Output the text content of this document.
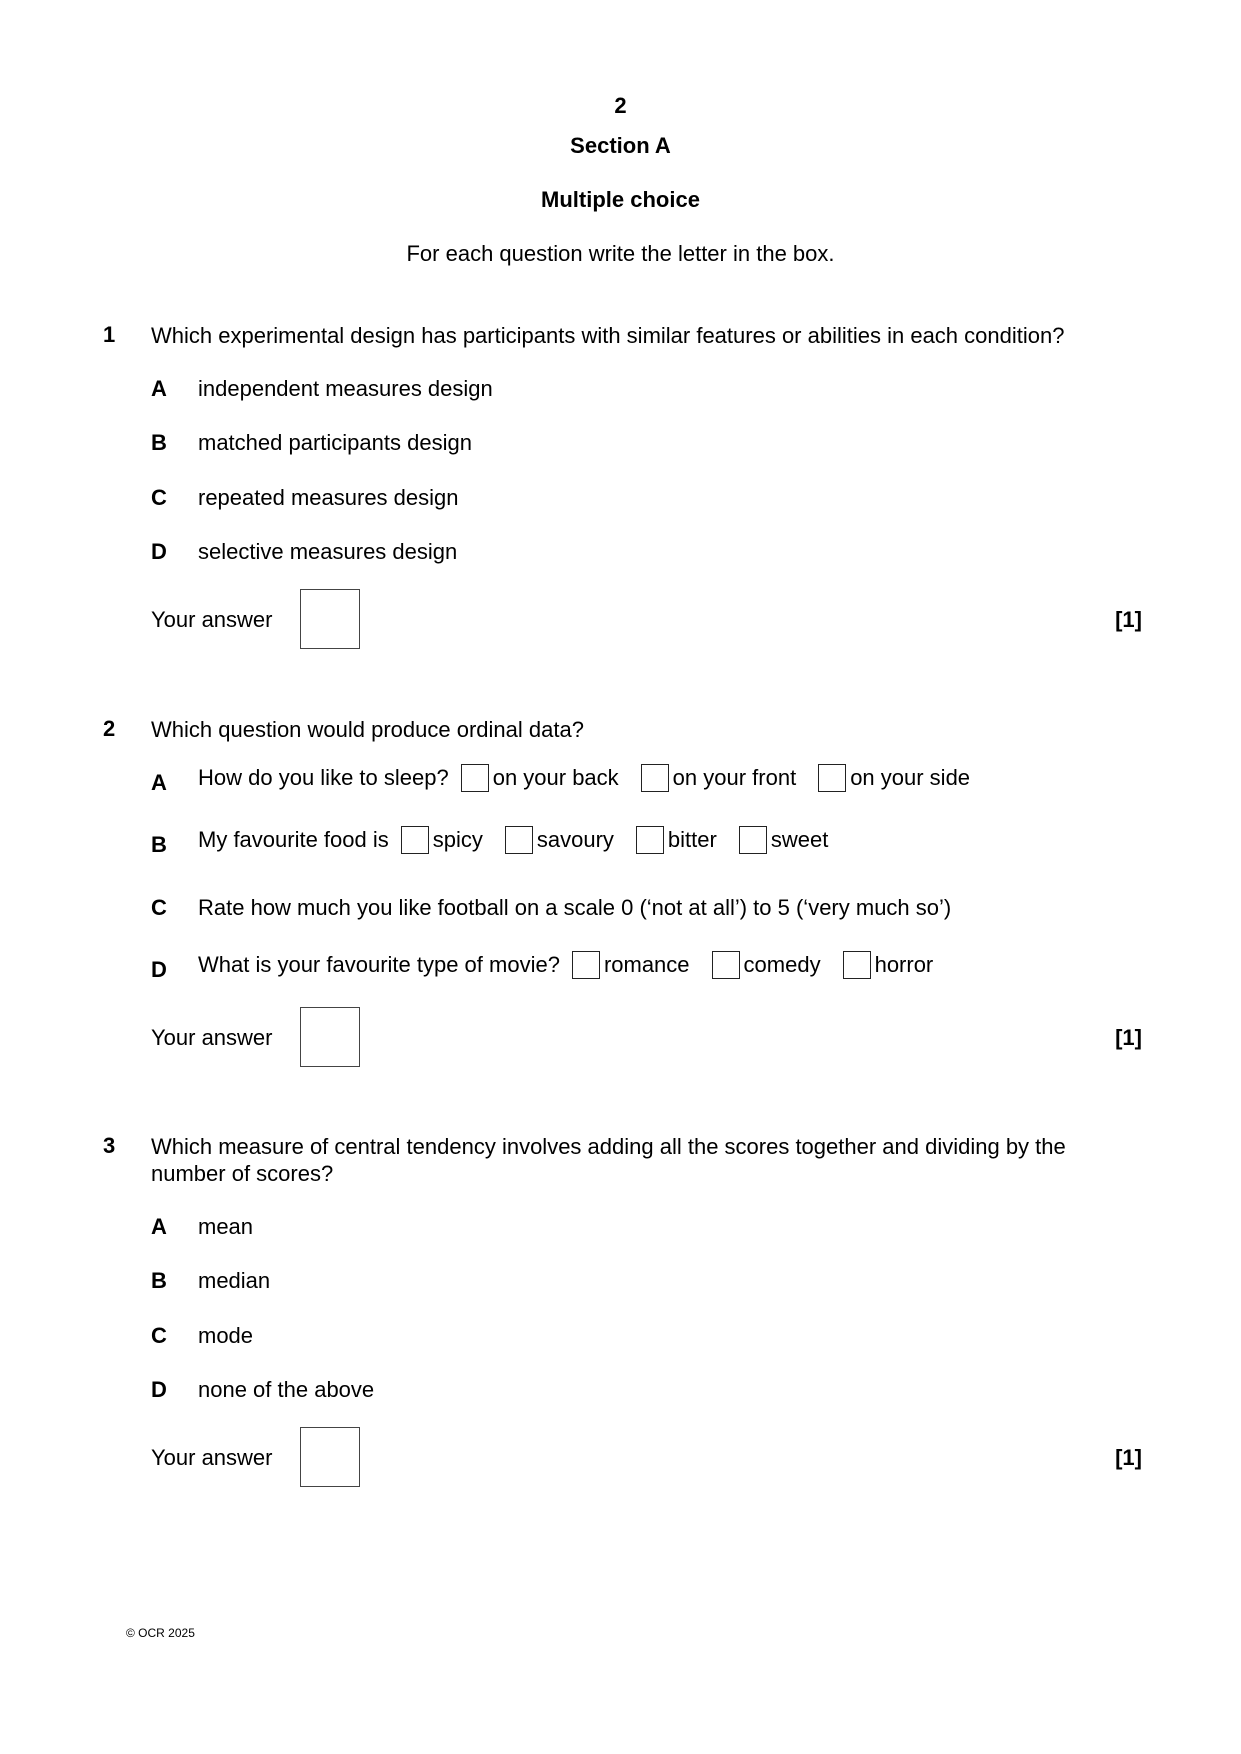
2
Section A
Multiple choice
For each question write the letter in the box.
1 Which experimental design has participants with similar features or abilities in each condition?
A independent measures design
B matched participants design
C repeated measures design
D selective measures design
Your answer	[1]
2 Which question would produce ordinal data?
A How do you like to sleep? on your back on your front on your side
B My favourite food is spicy savoury bitter sweet
C Rate how much you like football on a scale 0 (‘not at all’) to 5 (‘very much so’)
D What is your favourite type of movie? romance comedy horror
Your answer	[1]
3 Which measure of central tendency involves adding all the scores together and dividing by the number of scores?
A mean
B median
C mode
D none of the above
Your answer	[1]
© OCR 2025
